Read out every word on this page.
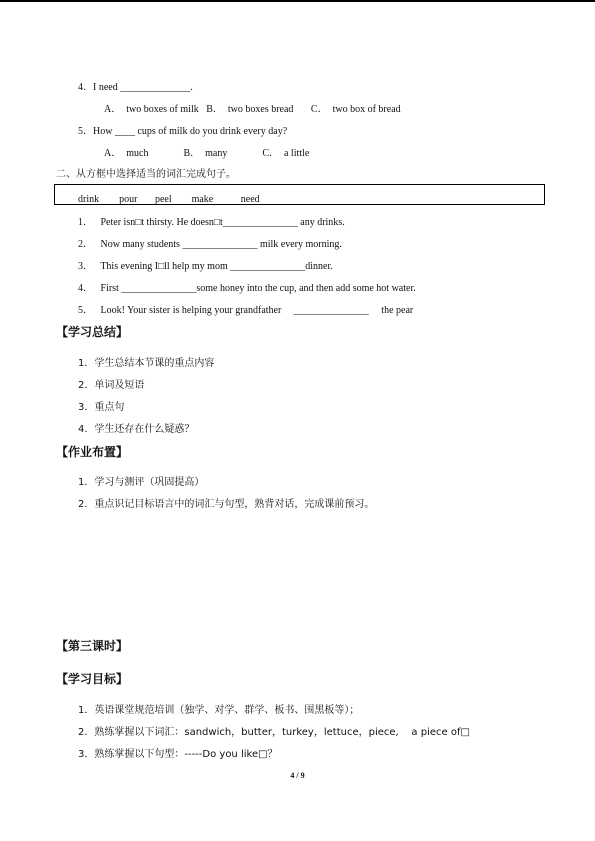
4．I need ______________.
A．  two boxes of milk   B．  two boxes bread       C．  two box of bread
5．How ____ cups of milk do you drink every day?
A．  much              B．  many              C．  a little
二、从方框中选择适当的词汇完成句子。
drink        pour       peel        make           need
1．   Peter isn□t thirsty. He doesn□t_______________ any drinks.
2．   Now many students _______________ milk every morning.
3．   This evening I□ll help my mom _______________dinner.
4．   First _______________some honey into the cup, and then add some hot water.
5．   Look! Your sister is helping your grandfather     _______________     the pear
【学习总结】
1．学生总结本节课的重点内容
2．单词及短语
3．重点句
4．学生还存在什么疑惑？
【作业布置】
1．学习与测评（巩固提高）
2．重点识记目标语言中的词汇与句型，熟背对话，完成课前预习。
【第三课时】
【学习目标】
1．英语课堂规范培训（独学、对学、群学、板书、围黑板等）；
2．熟练掌握以下词汇：sandwich，butter，turkey，lettuce，piece,    a piece of□
3．熟练掌握以下句型：-----Do you like□？
4 / 9
